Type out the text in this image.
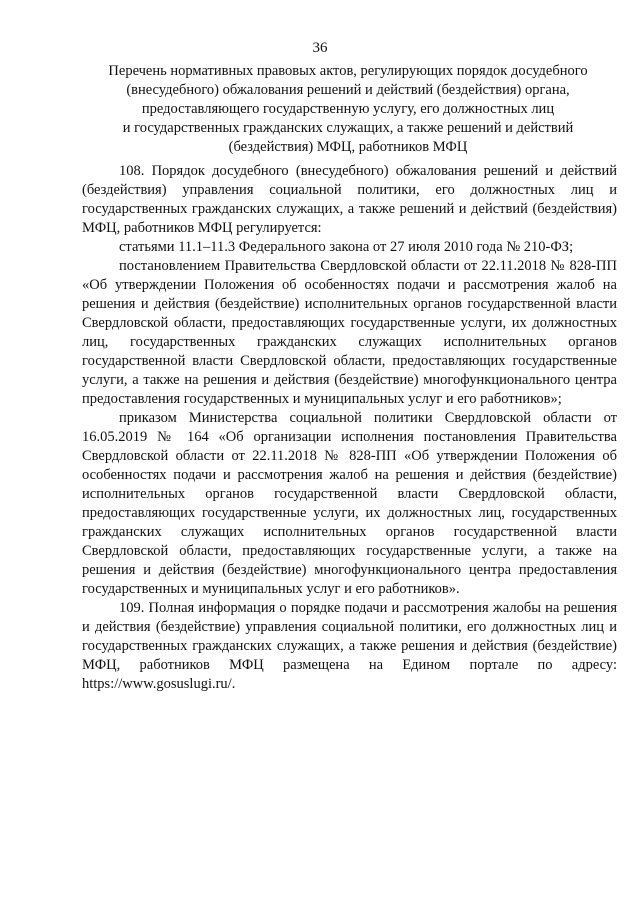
36
Перечень нормативных правовых актов, регулирующих порядок досудебного
(внесудебного) обжалования решений и действий (бездействия) органа,
предоставляющего государственную услугу, его должностных лиц
и государственных гражданских служащих, а также решений и действий
(бездействия) МФЦ, работников МФЦ

108. Порядок досудебного (внесудебного) обжалования решений и действий (бездействия) управления социальной политики, его должностных лиц и государственных гражданских служащих, а также решений и действий (бездействия) МФЦ, работников МФЦ регулируется:

статьями 11.1–11.3 Федерального закона от 27 июля 2010 года № 210-ФЗ;

постановлением Правительства Свердловской области от 22.11.2018 № 828-ПП «Об утверждении Положения об особенностях подачи и рассмотрения жалоб на решения и действия (бездействие) исполнительных органов государственной власти Свердловской области, предоставляющих государственные услуги, их должностных лиц, государственных гражданских служащих исполнительных органов государственной власти Свердловской области, предоставляющих государственные услуги, а также на решения и действия (бездействие) многофункционального центра предоставления государственных и муниципальных услуг и его работников»;

приказом Министерства социальной политики Свердловской области от 16.05.2019 № 164 «Об организации исполнения постановления Правительства Свердловской области от 22.11.2018 № 828-ПП «Об утверждении Положения об особенностях подачи и рассмотрения жалоб на решения и действия (бездействие) исполнительных органов государственной власти Свердловской области, предоставляющих государственные услуги, их должностных лиц, государственных гражданских служащих исполнительных органов государственной власти Свердловской области, предоставляющих государственные услуги, а также на решения и действия (бездействие) многофункционального центра предоставления государственных и муниципальных услуг и его работников».

109. Полная информация о порядке подачи и рассмотрения жалобы на решения и действия (бездействие) управления социальной политики, его должностных лиц и государственных гражданских служащих, а также решения и действия (бездействие) МФЦ, работников МФЦ размещена на Едином портале по адресу: https://www.gosuslugi.ru/.
